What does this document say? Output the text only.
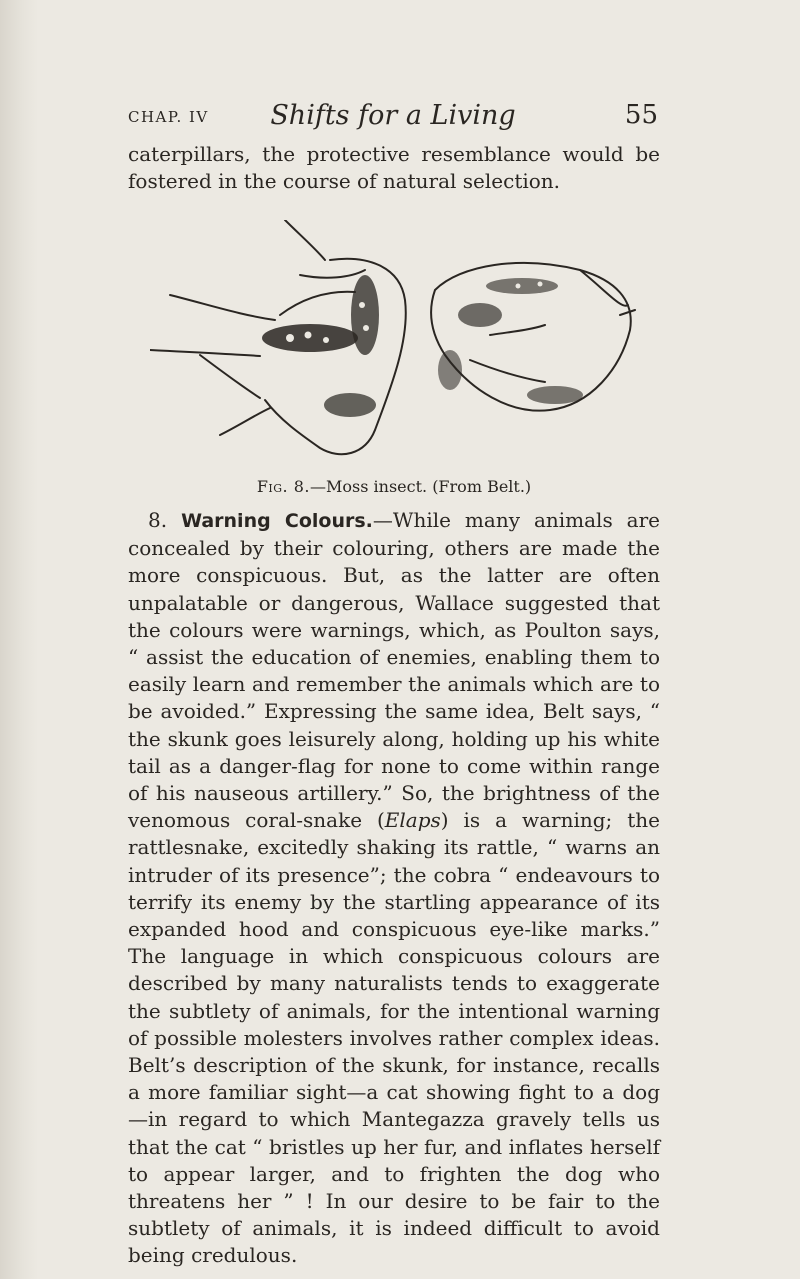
CHAP. IV	Shifts for a Living	55

caterpillars, the protective resemblance would be fostered in the course of natural selection.

Fig. 8.—Moss insect. (From Belt.)

 8. Warning Colours.—While many animals are concealed by their colouring, others are made the more conspicuous. But, as the latter are often unpalatable or dangerous, Wallace suggested that the colours were warnings, which, as Poulton says, “ assist the education of enemies, enabling them to easily learn and remember the animals which are to be avoided.” Expressing the same idea, Belt says, “ the skunk goes leisurely along, holding up his white tail as a danger-flag for none to come within range of his nauseous artillery.” So, the brightness of the venomous coral-snake (Elaps) is a warning; the rattlesnake, excitedly shaking its rattle, “ warns an intruder of its presence”; the cobra “ endeavours to terrify its enemy by the startling appearance of its expanded hood and conspicuous eye-like marks.” The language in which conspicuous colours are described by many naturalists tends to exaggerate the subtlety of animals, for the intentional warning of possible molesters involves rather complex ideas. Belt’s description of the skunk, for instance, recalls a more familiar sight—a cat showing fight to a dog—in regard to which Mantegazza gravely tells us that the cat “ bristles up her fur, and inflates herself to appear larger, and to frighten the dog who threatens her ” ! In our desire to be fair to the subtlety of animals, it is indeed difficult to avoid being credulous.
